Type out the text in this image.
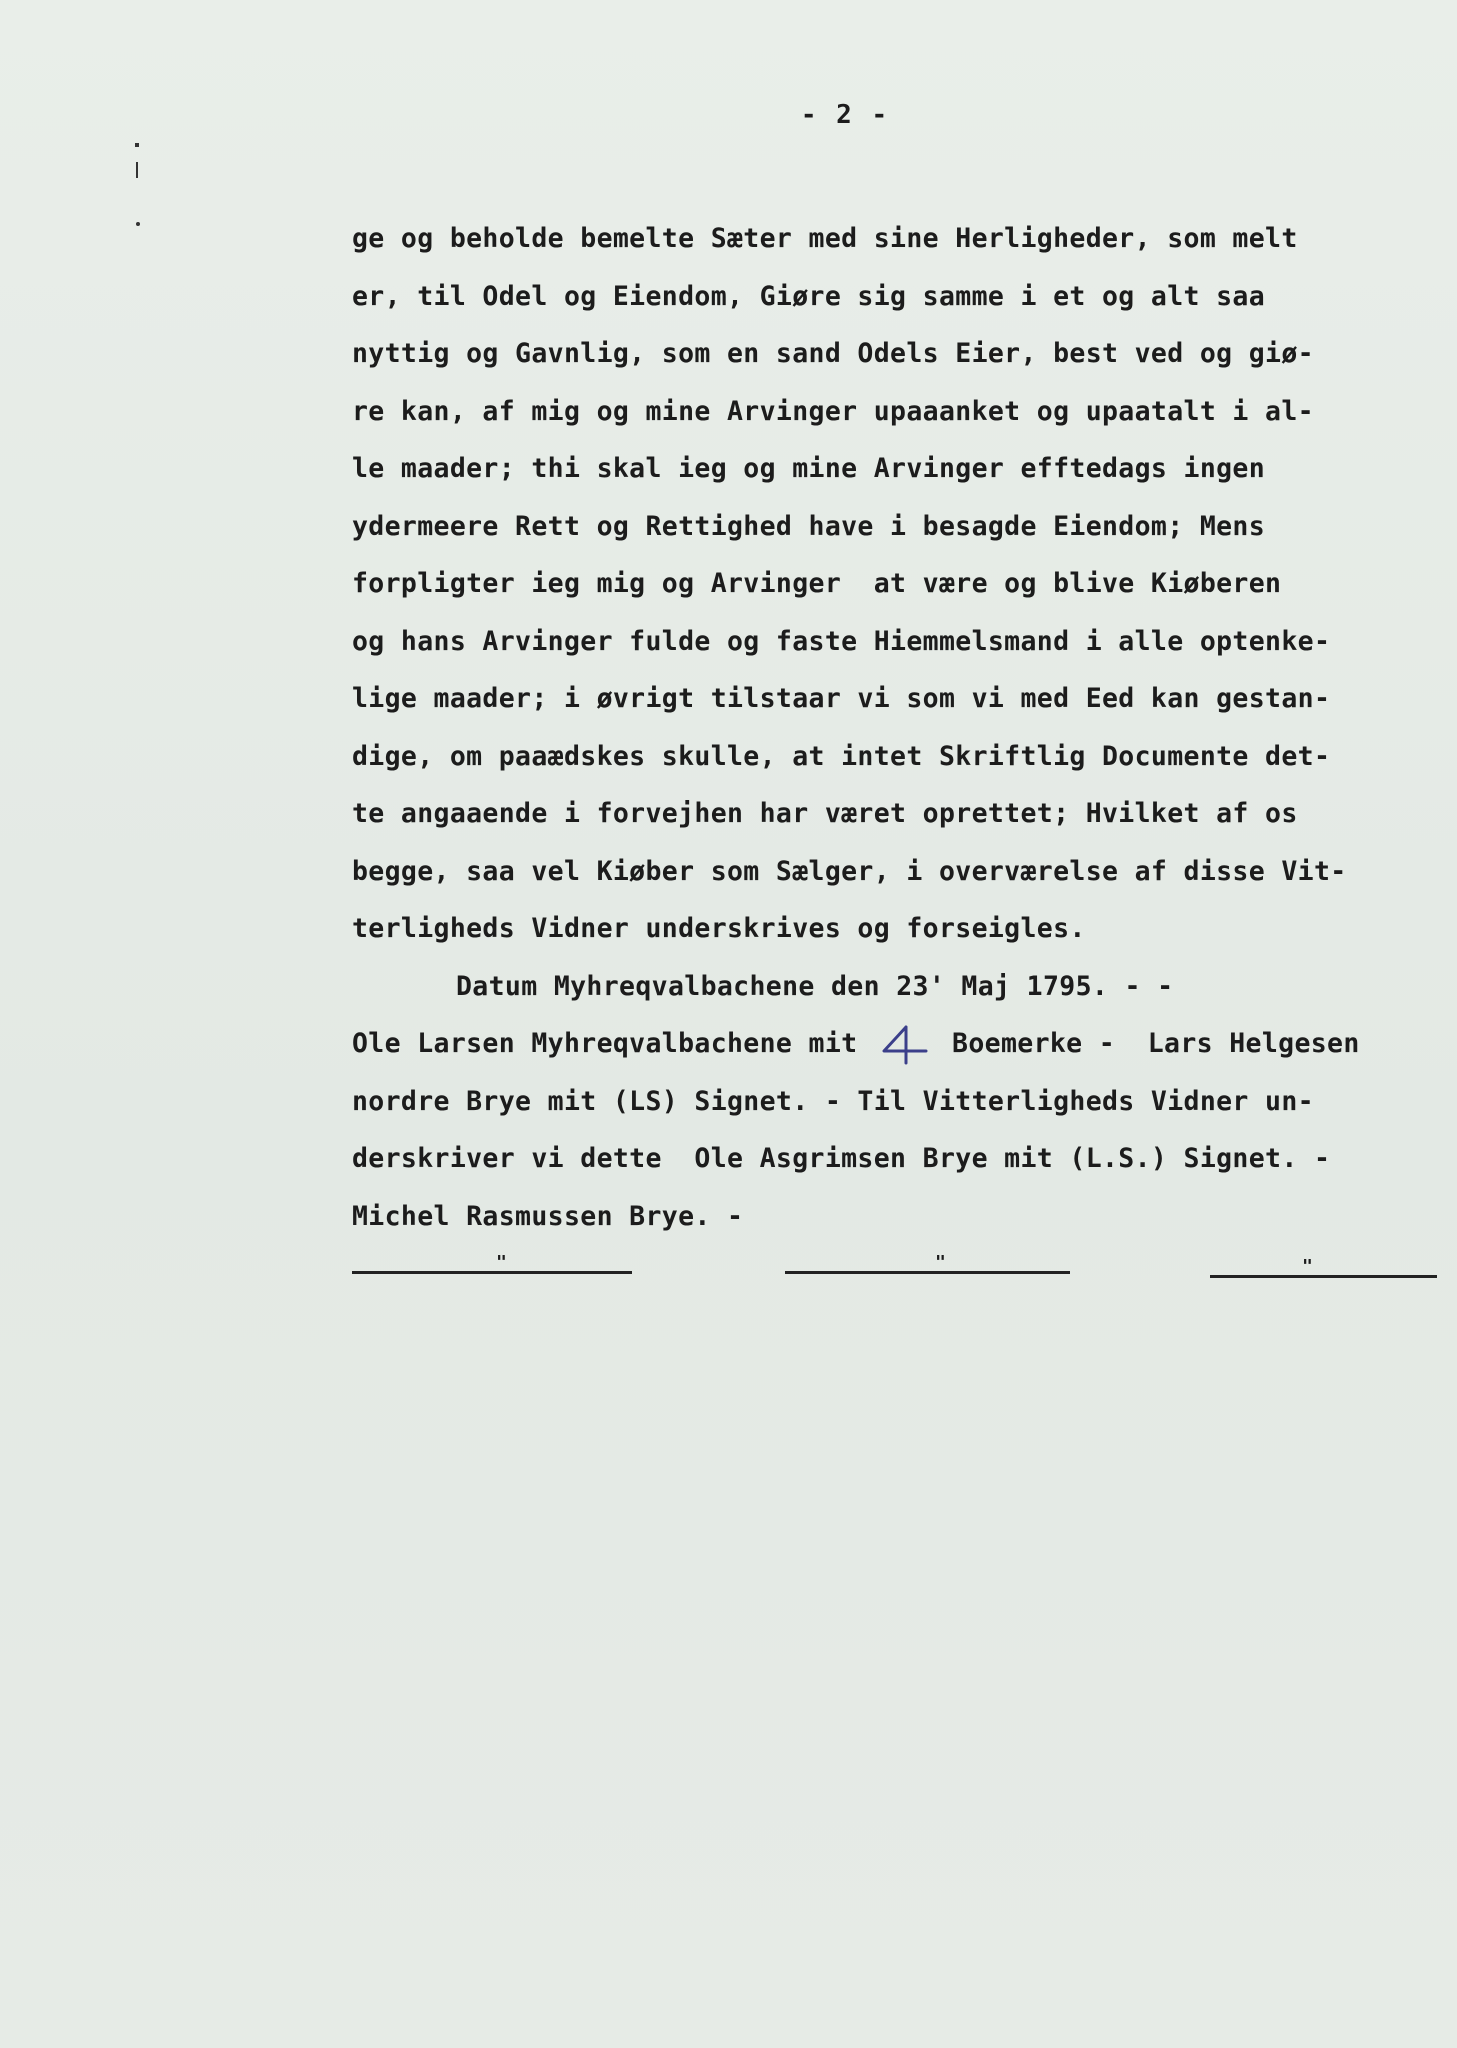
- 2 -
ge og beholde bemelte Sæter med sine Herligheder, som melt
er, til Odel og Eiendom, Giøre sig samme i et og alt saa
nyttig og Gavnlig, som en sand Odels Eier, best ved og giø-
re kan, af mig og mine Arvinger upaaanket og upaatalt i al-
le maader; thi skal ieg og mine Arvinger efftedags ingen
ydermeere Rett og Rettighed have i besagde Eiendom; Mens
forpligter ieg mig og Arvinger  at være og blive Kiøberen
og hans Arvinger fulde og faste Hiemmelsmand i alle optenke-
lige maader; i øvrigt tilstaar vi som vi med Eed kan gestan-
dige, om paaædskes skulle, at intet Skriftlig Documente det-
te angaaende i forvejhen har været oprettet; Hvilket af os
begge, saa vel Kiøber som Sælger, i overværelse af disse Vit-
terligheds Vidner underskrives og forseigles.
Datum Myhreqvalbachene den 23' Maj 1795. - -
Ole Larsen Myhreqvalbachene mit  Boemerke -  Lars Helgesen
nordre Brye mit (LS) Signet. - Til Vitterligheds Vidner un-
derskriver vi dette  Ole Asgrimsen Brye mit (L.S.) Signet. -
Michel Rasmussen Brye. -
"	"	"
